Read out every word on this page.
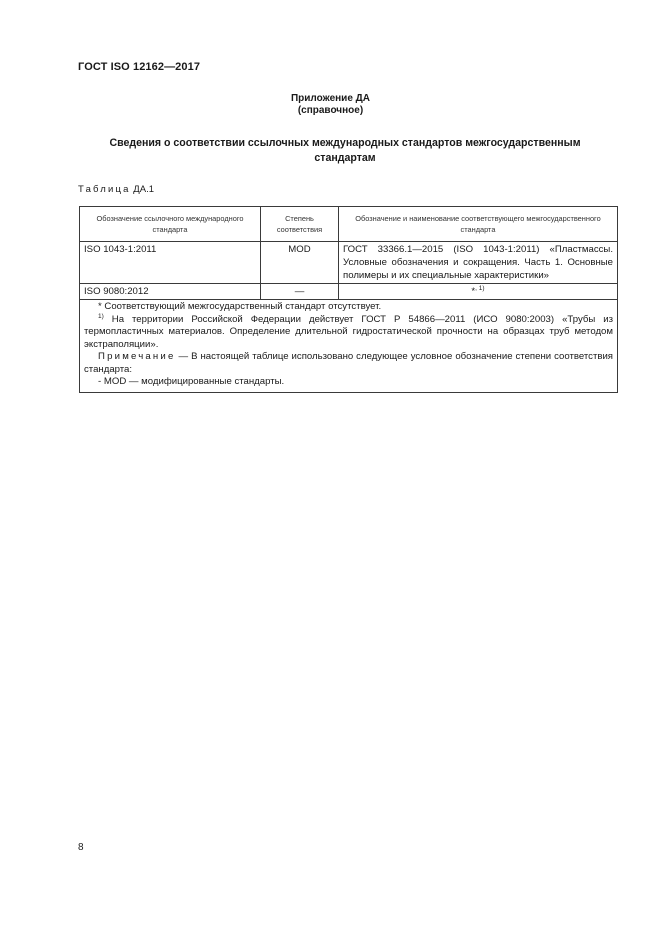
ГОСТ ISO 12162—2017
Приложение ДА
(справочное)
Сведения о соответствии ссылочных международных стандартов межгосударственным
стандартам
Таблица ДА.1
Обозначение ссылочного международного стандарта	Степень соответствия	Обозначение и наименование соответствующего межгосударственного стандарта
ISO 1043-1:2011	MOD	ГОСТ 33366.1—2015 (ISO 1043-1:2011) «Пластмассы. Условные обозначения и сокращения. Часть 1. Основные полимеры и их специальные характеристики»
ISO 9080:2012	—	*$^{, 1)}$

* Соответствующий межгосударственный стандарт отсутствует.

$^{1)}$ На территории Российской Федерации действует ГОСТ Р 54866—2011 (ИСО 9080:2003) «Трубы из термопластичных материалов. Определение длительной гидростатической прочности на образцах труб методом экстраполяции».

Примечание — В настоящей таблице использовано следующее условное обозначение степени соответствия стандарта:

- MOD — модифицированные стандарты.		

8
